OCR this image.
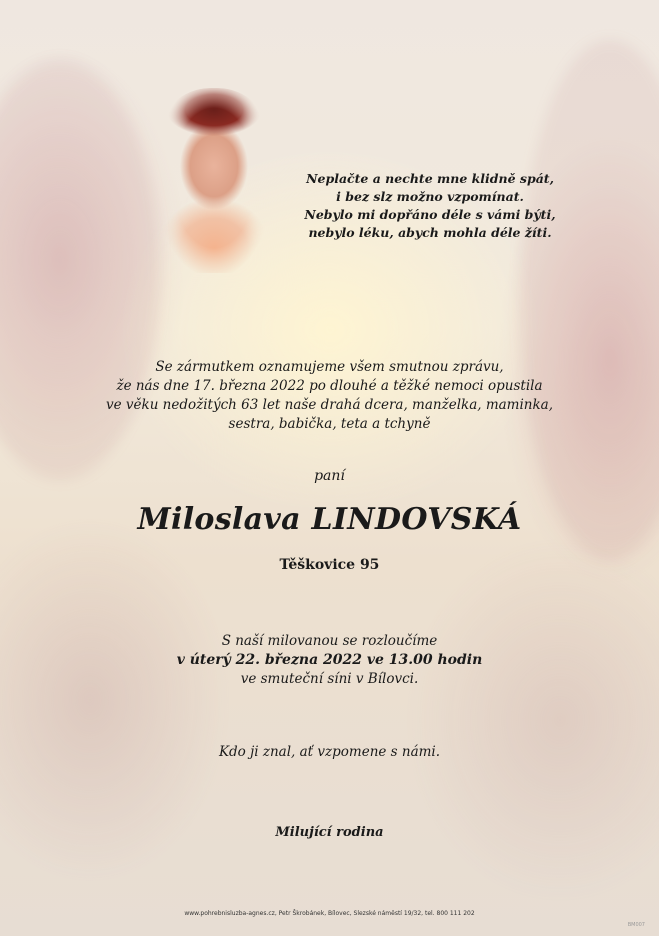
Neplačte a nechte mne klidně spát,
i bez slz možno vzpomínat.
Nebylo mi dopřáno déle s vámi býti,
nebylo léku, abych mohla déle žíti.
Se zármutkem oznamujeme všem smutnou zprávu,
že nás dne 17. března 2022 po dlouhé a těžké nemoci opustila
ve věku nedožitých 63 let naše drahá dcera, manželka, maminka,
sestra, babička, teta a tchyně
paní
Miloslava LINDOVSKÁ
Těškovice 95
S naší milovanou se rozloučíme
v úterý 22. března 2022 ve 13.00 hodin
ve smuteční síni v Bílovci.
Kdo ji znal, ať vzpomene s námi.
Milující rodina
www.pohrebnisluzba-agnes.cz, Petr Škrobánek, Bílovec, Slezské náměstí 19/32, tel. 800 111 202
BM007
